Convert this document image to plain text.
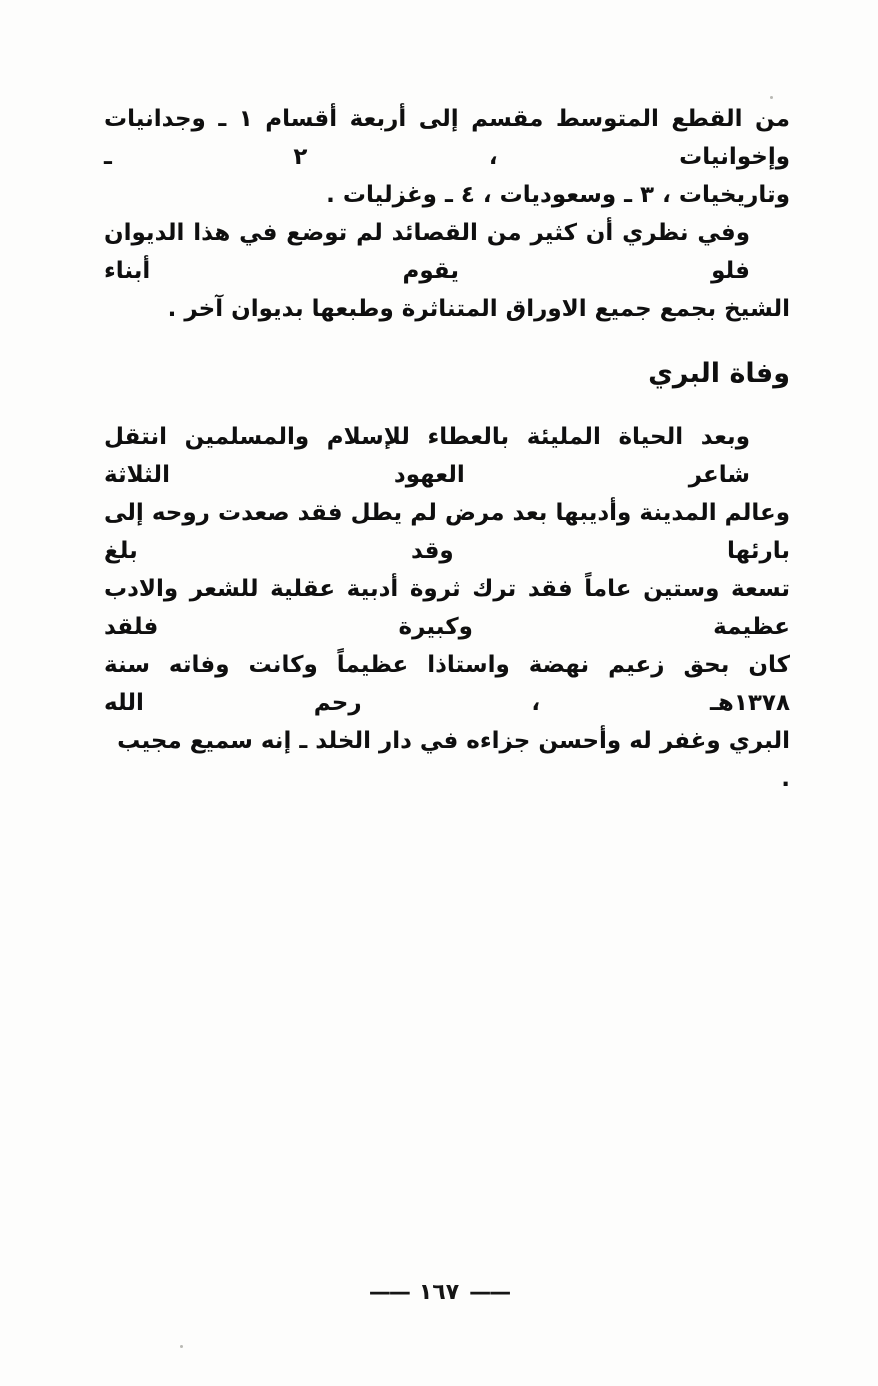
من القطع المتوسط مقسم إلى أربعة أقسام ١ ـ وجدانيات وإخوانيات ، ٢ ـ
وتاريخيات ، ٣ ـ وسعوديات ، ٤ ـ وغزليات .
وفي نظري أن كثير من القصائد لم توضع في هذا الديوان فلو يقوم أبناء
الشيخ بجمع جميع الاوراق المتناثرة وطبعها بديوان آخر .
وفاة البري
وبعد الحياة المليئة بالعطاء للإسلام والمسلمين انتقل شاعر العهود الثلاثة
وعالم المدينة وأديبها بعد مرض لم يطل فقد صعدت روحه إلى بارئها وقد بلغ
تسعة وستين عاماً فقد ترك ثروة أدبية عقلية للشعر والادب عظيمة وكبيرة فلقد
كان بحق زعيم نهضة واستاذا عظيماً وكانت وفاته سنة ١٣٧٨هـ ، رحم الله
البري وغفر له وأحسن جزاءه في دار الخلد ـ إنه سميع مجيب .
——١٦٧——
